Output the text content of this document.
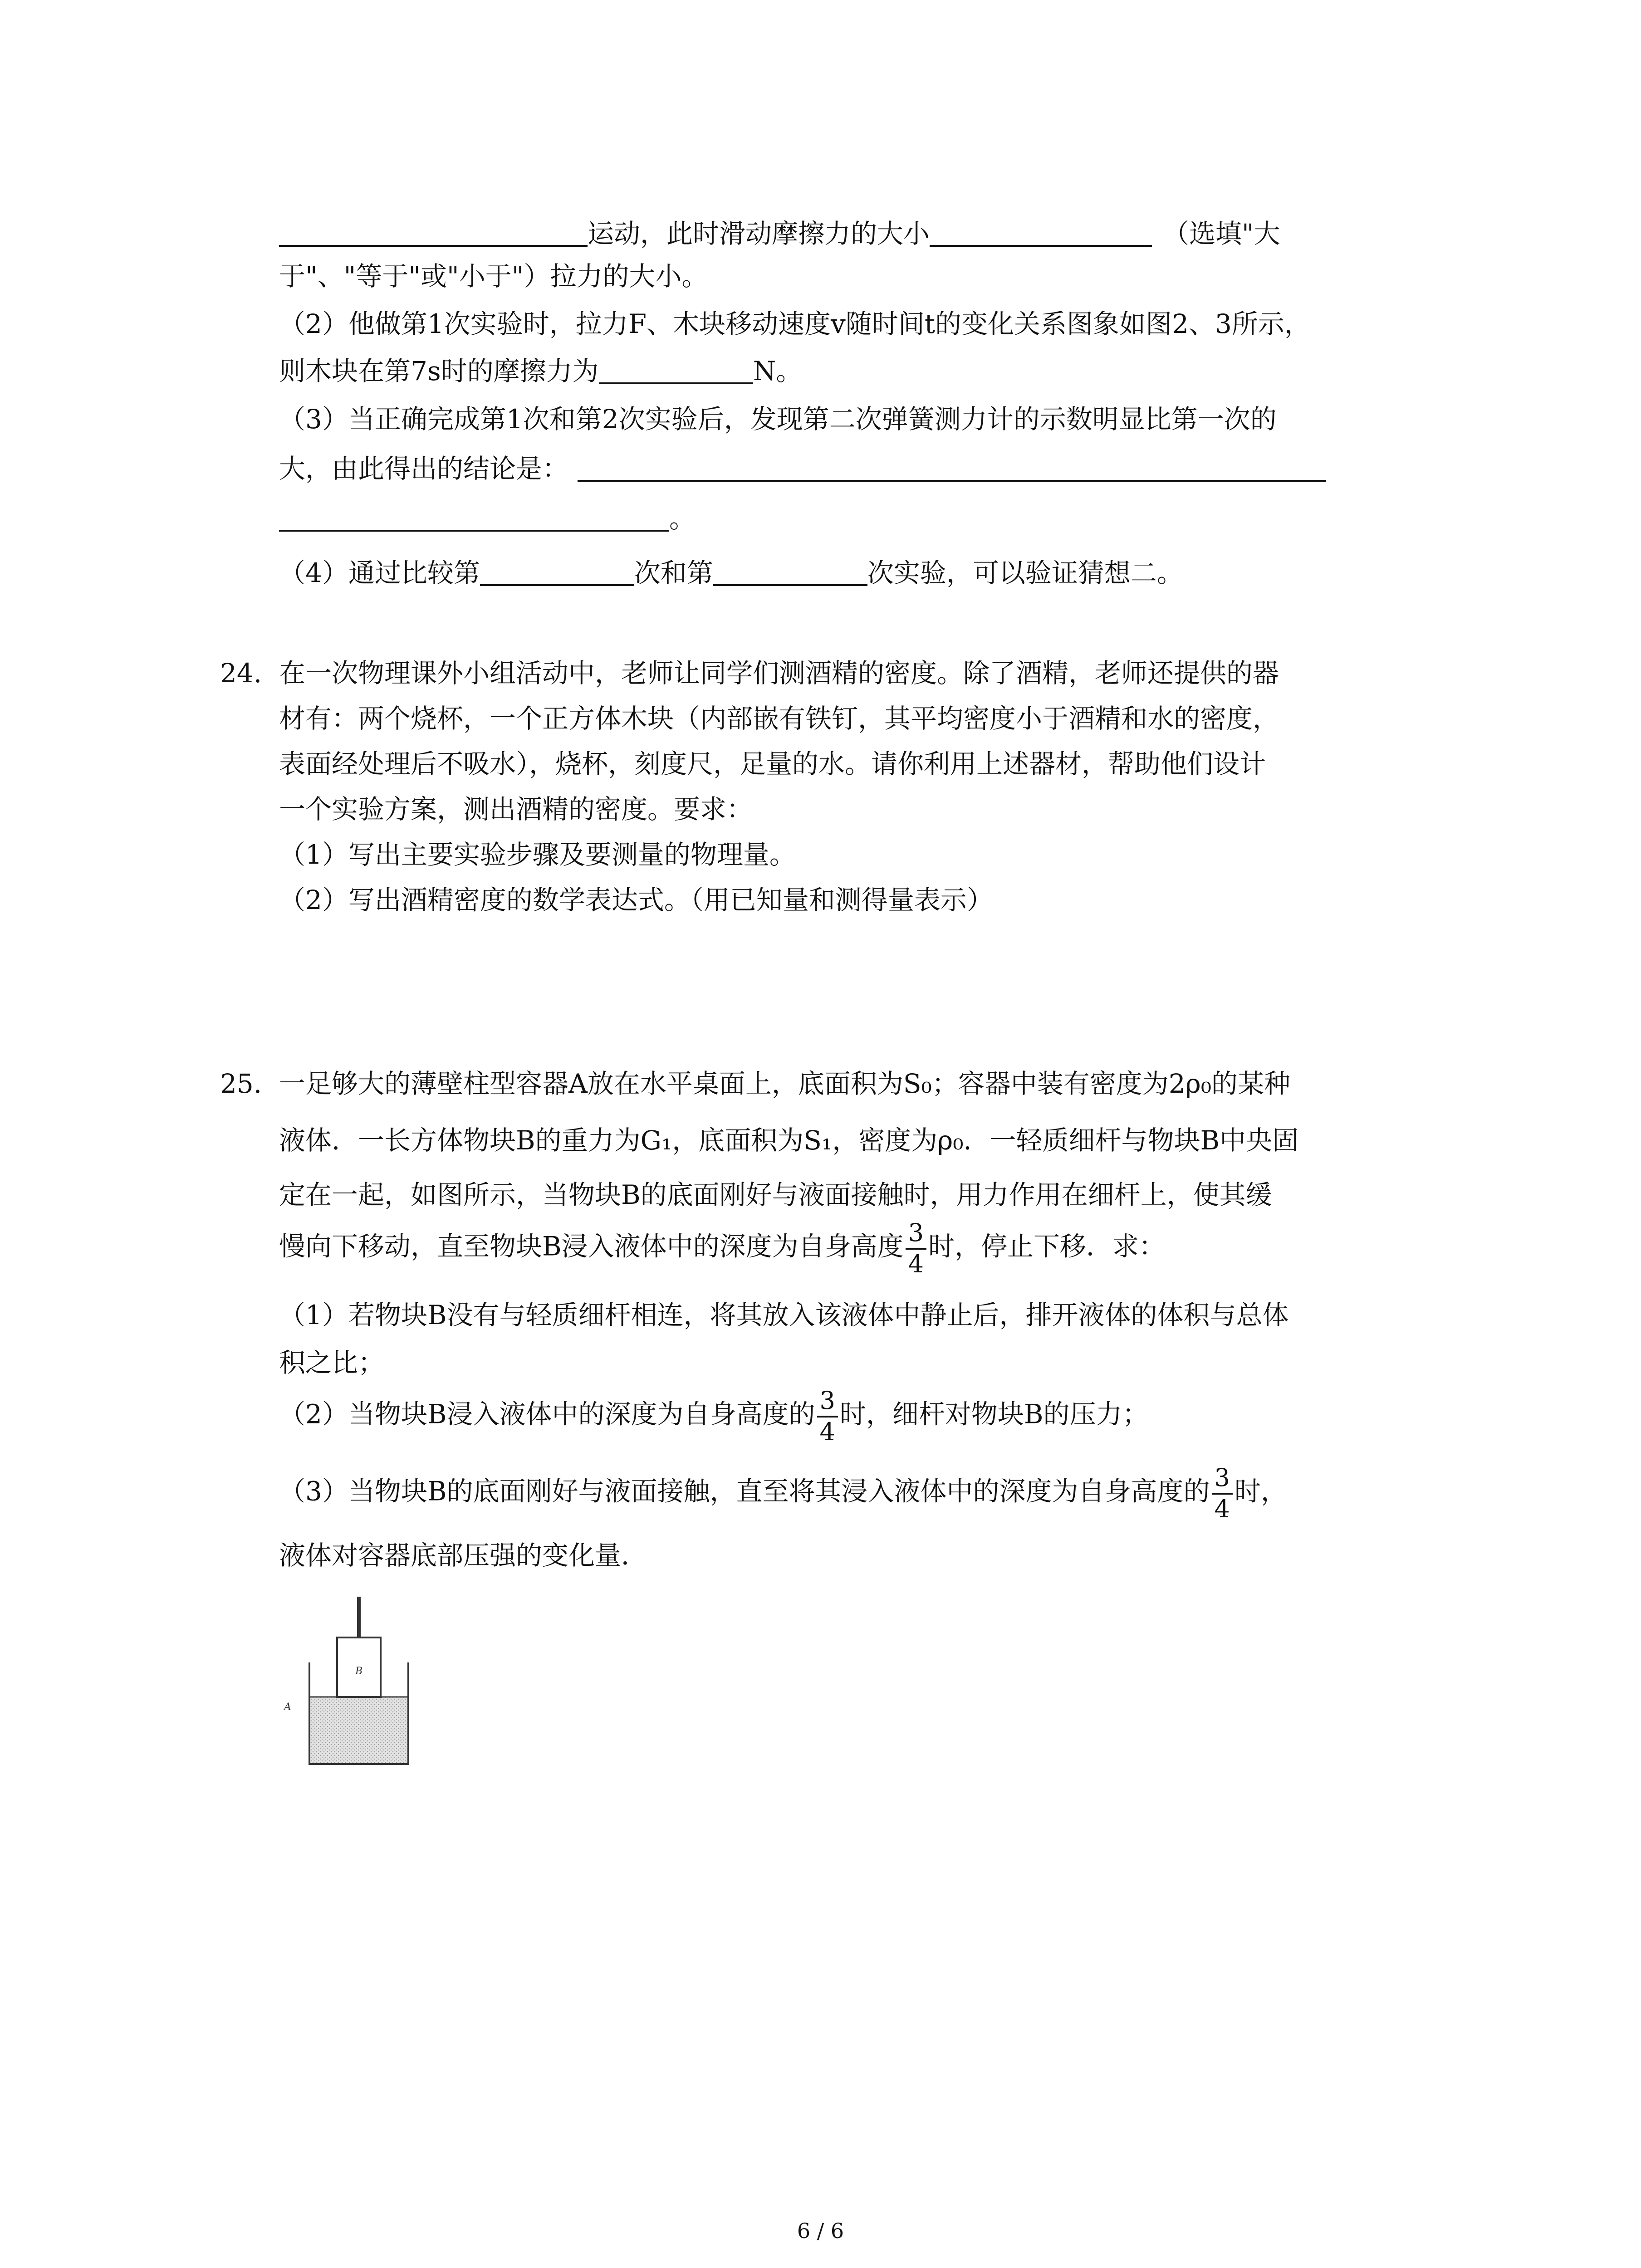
运动，此时滑动摩擦力的大小	（选填"大
于"、"等于"或"小于"）拉力的大小。
（2）他做第1次实验时，拉力F、木块移动速度v随时间t的变化关系图象如图2、3所示，
则木块在第7s时的摩擦力为	N。
（3）当正确完成第1次和第2次实验后，发现第二次弹簧测力计的示数明显比第一次的
大，由此得出的结论是：
。
（4）通过比较第	次和第	次实验，可以验证猜想二。
24. 在一次物理课外小组活动中，老师让同学们测酒精的密度。除了酒精，老师还提供的器
材有：两个烧杯，一个正方体木块（内部嵌有铁钉，其平均密度小于酒精和水的密度，
表面经处理后不吸水），烧杯，刻度尺，足量的水。请你利用上述器材，帮助他们设计
一个实验方案，测出酒精的密度。要求：
（1）写出主要实验步骤及要测量的物理量。
（2）写出酒精密度的数学表达式。（用已知量和测得量表示）
25. 一足够大的薄壁柱型容器A放在水平桌面上，底面积为S₀；容器中装有密度为2ρ₀的某种
液体．一长方体物块B的重力为G₁，底面积为S₁，密度为ρ₀．一轻质细杆与物块B中央固
定在一起，如图所示，当物块B的底面刚好与液面接触时，用力作用在细杆上，使其缓
慢向下移动，直至物块B浸入液体中的深度为自身高度 $\frac{3}{4}$ 时，停止下移．求：
（1）若物块B没有与轻质细杆相连，将其放入该液体中静止后，排开液体的体积与总体
积之比；
（2）当物块B浸入液体中的深度为自身高度的 $\frac{3}{4}$ 时，细杆对物块B的压力；
（3）当物块B的底面刚好与液面接触，直至将其浸入液体中的深度为自身高度的 $\frac{3}{4}$ 时，
液体对容器底部压强的变化量．
B
A
6 / 6
